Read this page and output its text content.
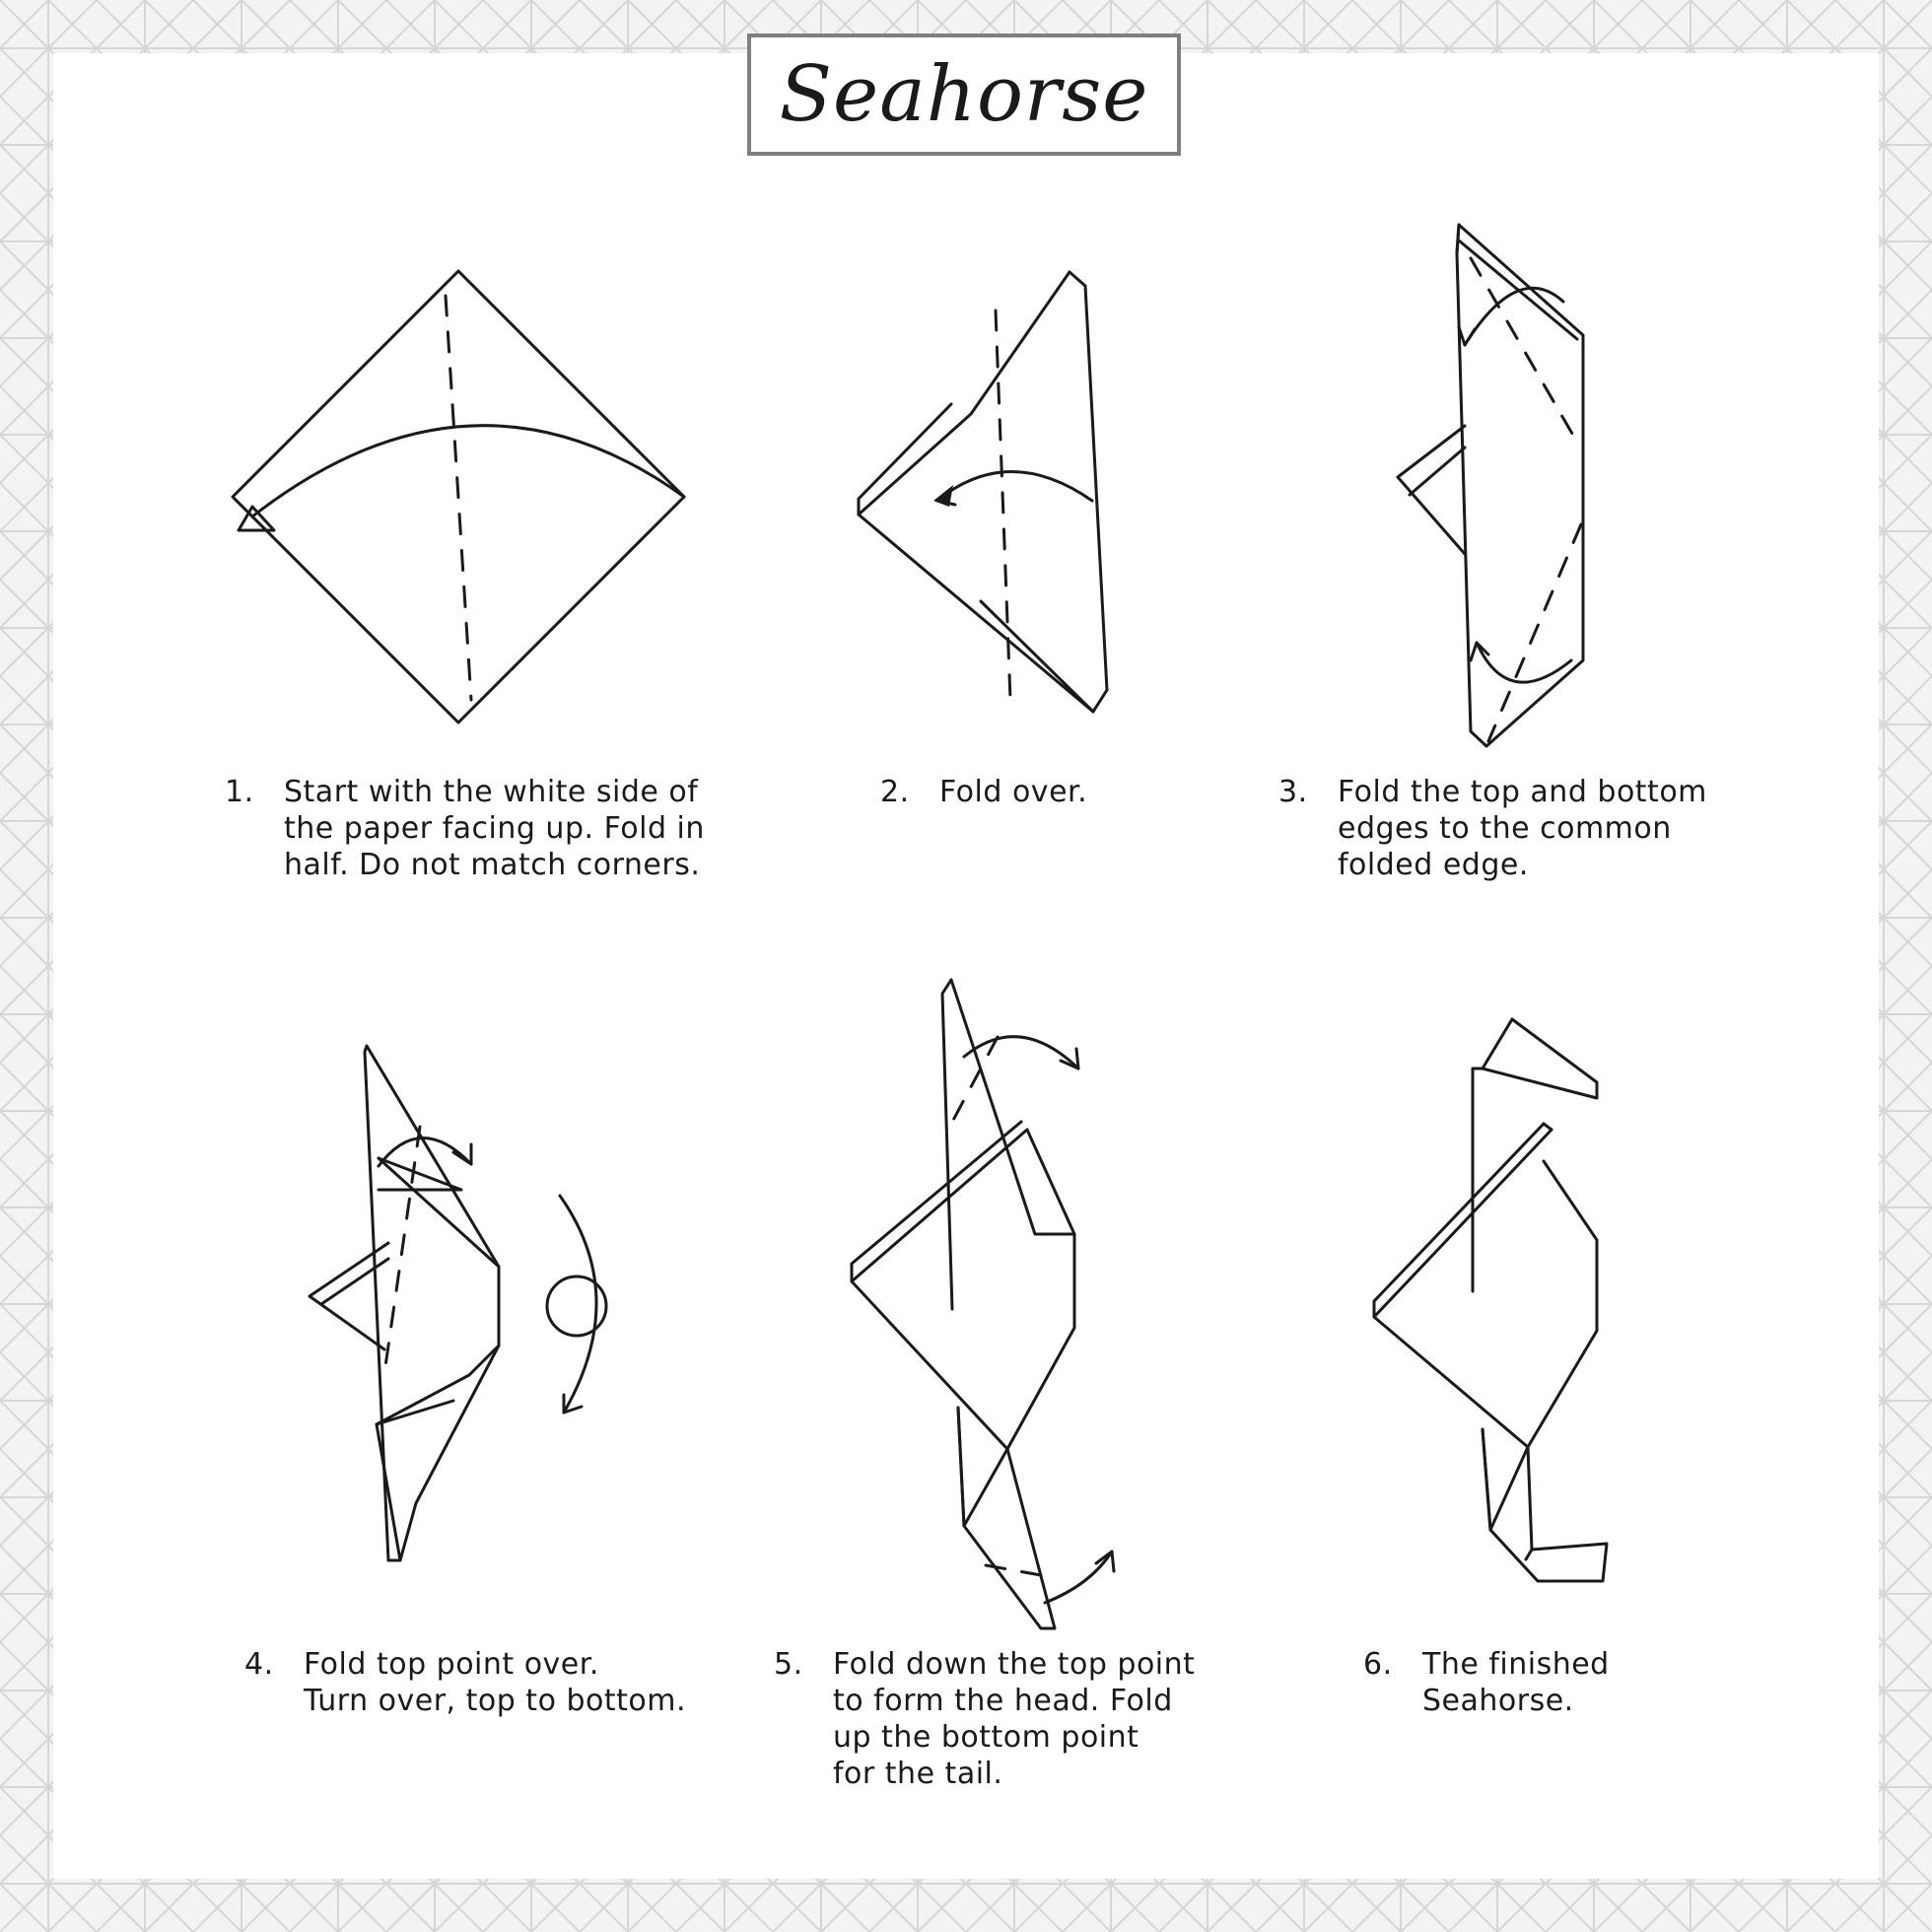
Seahorse
1. Start with the white side of
the paper facing up. Fold in
half. Do not match corners.
2. Fold over.	3. Fold the top and bottom
edges to the common
folded edge.
4. Fold top point over.
Turn over, top to bottom.
5. Fold down the top point
to form the head. Fold
up the bottom point
for the tail.
6. The finished
Seahorse.
